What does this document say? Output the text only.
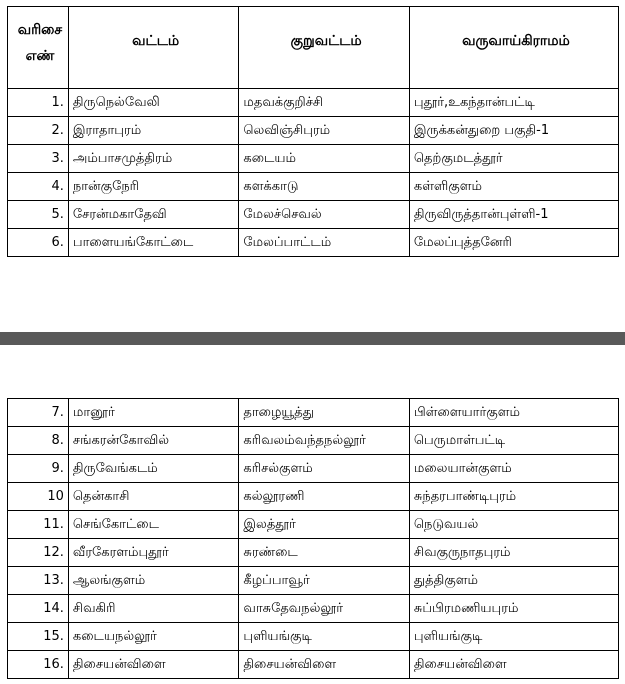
வரிசை
எண்	வட்டம்	குறுவட்டம்	வருவாய்கிராமம்
1.	திருநெல்வேலி	மதவக்குறிச்சி	புதூர்,உகந்தான்பட்டி
2.	இராதாபுரம்	லெவிஞ்சிபுரம்	இருக்கன்துறை பகுதி-1
3.	அம்பாசமுத்திரம்	கடையம்	தெற்குமடத்தூர்
4.	நான்குநேரி	களக்காடு	கள்ளிகுளம்
5.	சேரன்மகாதேவி	மேலச்செவல்	திருவிருத்தான்புள்ளி-1
6.	பாளையங்கோட்டை	மேலப்பாட்டம்	மேலப்புத்தனேரி
7.	மானூர்	தாழையூத்து	பிள்ளையார்குளம்
8.	சங்கரன்கோவில்	கரிவலம்வந்தநல்லூர்	பெருமாள்பட்டி
9.	திருவேங்கடம்	கரிசல்குளம்	மலையான்குளம்
10	தென்காசி	கல்லூரணி	சுந்தரபாண்டிபுரம்
11.	செங்கோட்டை	இலத்தூர்	நெடுவயல்
12.	வீரகேரளம்புதூர்	சுரண்டை	சிவகுருநாதபுரம்
13.	ஆலங்குளம்	கீழப்பாவூர்	துத்திகுளம்
14.	சிவகிரி	வாசுதேவநல்லூர்	சுப்பிரமணியபுரம்
15.	கடையநல்லூர்	புளியங்குடி	புளியங்குடி
16.	திசையன்விளை	திசையன்விளை	திசையன்விளை
